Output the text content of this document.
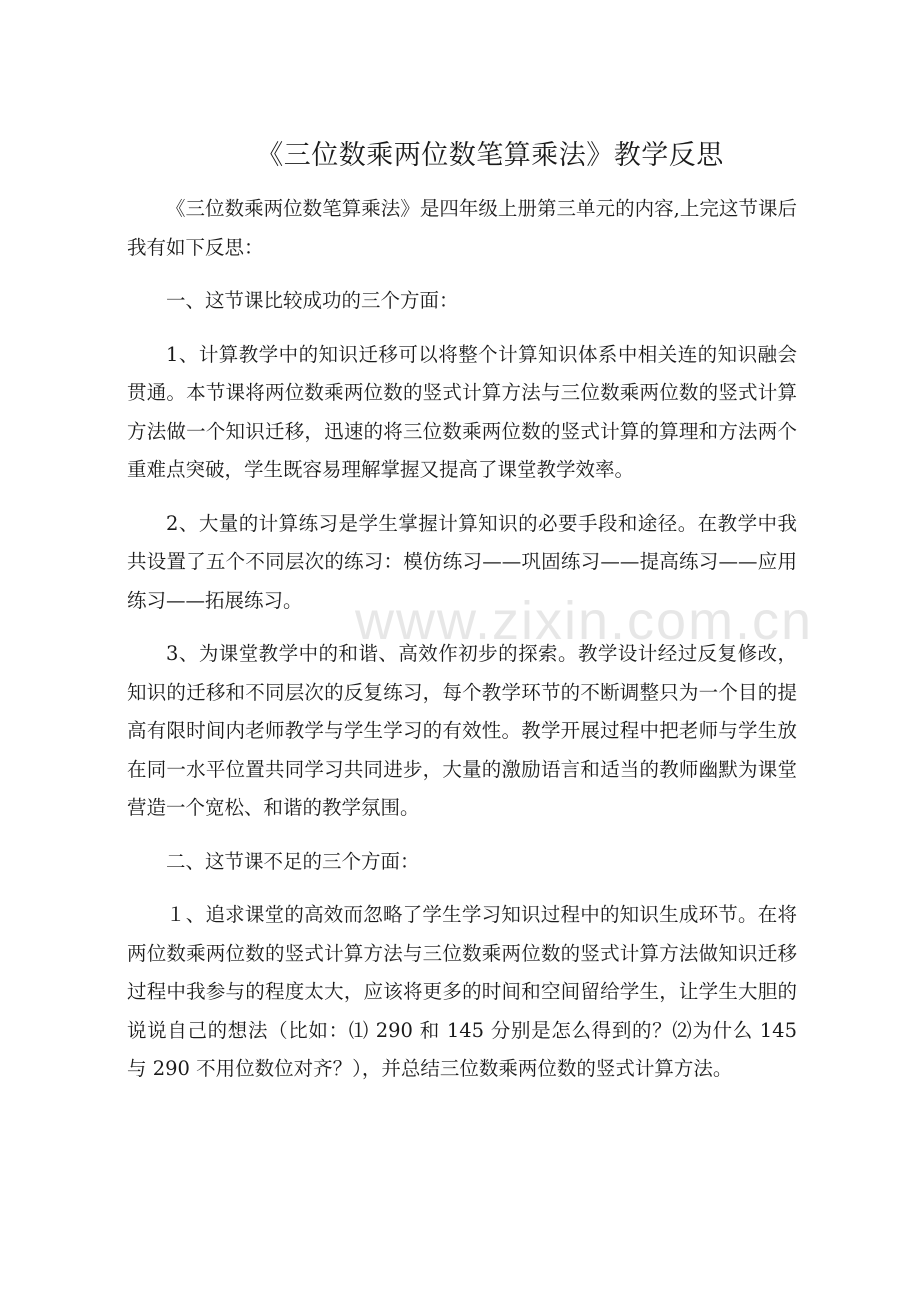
《三位数乘两位数笔算乘法》教学反思

《三位数乘两位数笔算乘法》是四年级上册第三单元的内容,上完这节课后我有如下反思：

一、这节课比较成功的三个方面：

1、计算教学中的知识迁移可以将整个计算知识体系中相关连的知识融会贯通。本节课将两位数乘两位数的竖式计算方法与三位数乘两位数的竖式计算方法做一个知识迁移，迅速的将三位数乘两位数的竖式计算的算理和方法两个重难点突破，学生既容易理解掌握又提高了课堂教学效率。

2、大量的计算练习是学生掌握计算知识的必要手段和途径。在教学中我共设置了五个不同层次的练习：模仿练习——巩固练习——提高练习——应用练习——拓展练习。

3、为课堂教学中的和谐、高效作初步的探索。教学设计经过反复修改，知识的迁移和不同层次的反复练习，每个教学环节的不断调整只为一个目的提高有限时间内老师教学与学生学习的有效性。教学开展过程中把老师与学生放在同一水平位置共同学习共同进步，大量的激励语言和适当的教师幽默为课堂营造一个宽松、和谐的教学氛围。

二、这节课不足的三个方面：

１、追求课堂的高效而忽略了学生学习知识过程中的知识生成环节。在将两位数乘两位数的竖式计算方法与三位数乘两位数的竖式计算方法做知识迁移过程中我参与的程度太大，应该将更多的时间和空间留给学生，让学生大胆的说说自己的想法（比如：⑴ 290 和 145 分别是怎么得到的？⑵为什么 145 与 290 不用位数位对齐？），并总结三位数乘两位数的竖式计算方法。

www.zixin.com.cn
